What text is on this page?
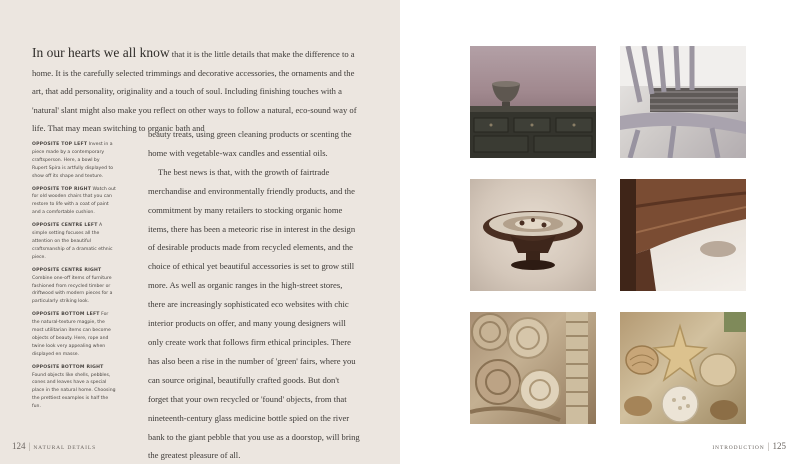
In our hearts we all know that it is the little details that make the difference to a home. It is the carefully selected trimmings and decorative accessories, the ornaments and the art, that add personality, originality and a touch of soul. Including finishing touches with a 'natural' slant might also make you reflect on other ways to follow a natural, eco-sound way of life. That may mean switching to organic bath and

OPPOSITE TOP LEFT Invest in a piece made by a contemporary craftsperson. Here, a bowl by Rupert Spira is artfully displayed to show off its shape and texture.

OPPOSITE TOP RIGHT Watch out for old wooden chairs that you can restore to life with a coat of paint and a comfortable cushion.

OPPOSITE CENTRE LEFT A simple setting focuses all the attention on the beautiful craftsmanship of a dramatic ethnic piece.

OPPOSITE CENTRE RIGHT Combine one-off items of furniture fashioned from recycled timber or driftwood with modern pieces for a particularly striking look.

OPPOSITE BOTTOM LEFT For the natural-texture magpie, the most utilitarian items can become objects of beauty. Here, rope and twine look very appealing when displayed en masse.

OPPOSITE BOTTOM RIGHT Found objects like shells, pebbles, cones and leaves have a special place in the natural home. Choosing the prettiest examples is half the fun.

beauty treats, using green cleaning products or scenting the home with vegetable-wax candles and essential oils.

The best news is that, with the growth of fairtrade merchandise and environmentally friendly products, and the commitment by many retailers to stocking organic home items, there has been a meteoric rise in interest in the design of desirable products made from recycled elements, and the choice of ethical yet beautiful accessories is set to grow still more. As well as organic ranges in the high-street stores, there are increasingly sophisticated eco websites with chic interior products on offer, and many young designers will only create work that follows firm ethical principles. There has also been a rise in the number of 'green' fairs, where you can source original, beautifully crafted goods. But don't forget that your own recycled or 'found' objects, from that nineteenth-century glass medicine bottle spied on the river bank to the giant pebble that you use as a doorstop, will bring the greatest pleasure of all.

124 | NATURAL DETAILS	INTRODUCTION | 125
